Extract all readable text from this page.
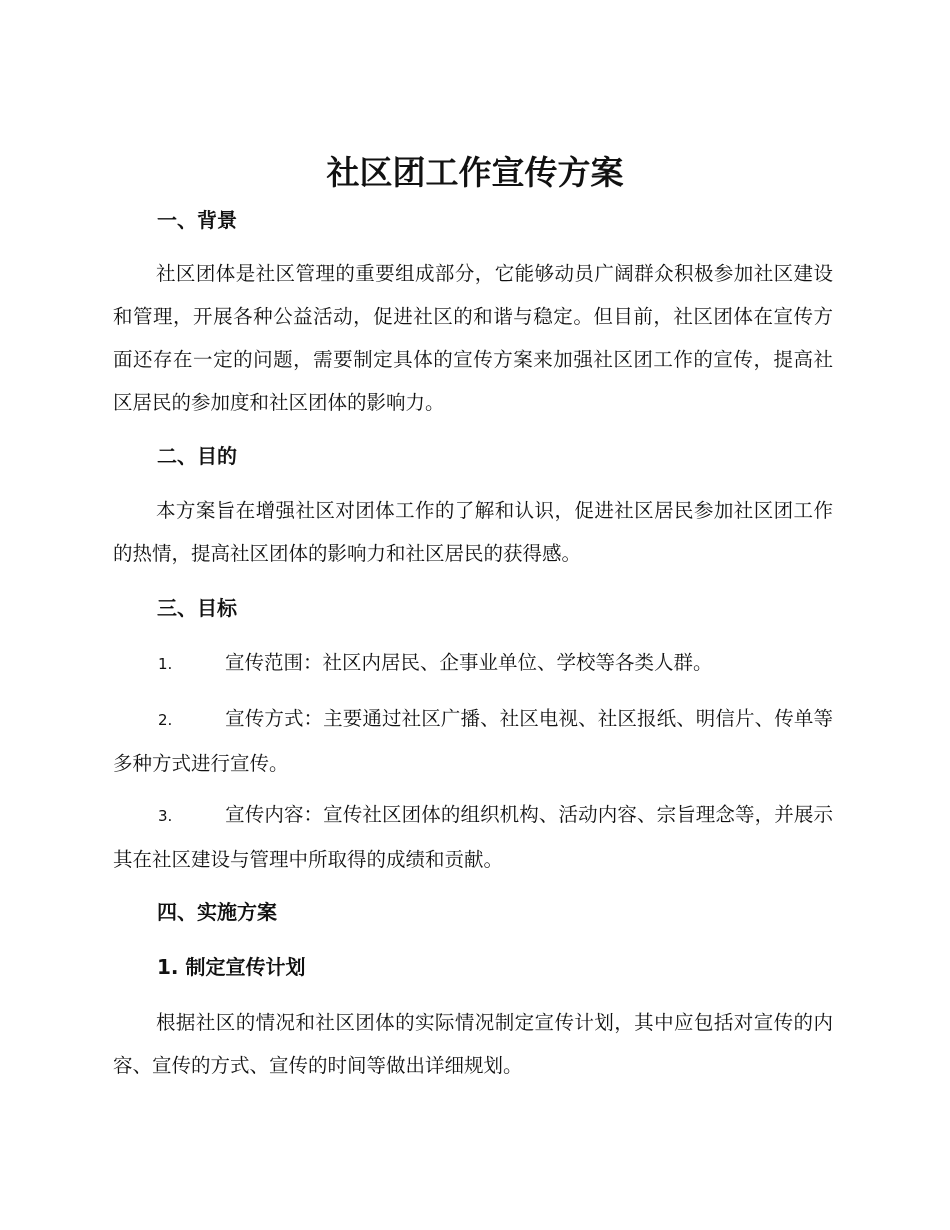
社区团工作宣传方案
一、背景

社区团体是社区管理的重要组成部分，它能够动员广阔群众积极参加社区建设和管理，开展各种公益活动，促进社区的和谐与稳定。但目前，社区团体在宣传方面还存在一定的问题，需要制定具体的宣传方案来加强社区团工作的宣传，提高社区居民的参加度和社区团体的影响力。

二、目的

本方案旨在增强社区对团体工作的了解和认识，促进社区居民参加社区团工作的热情，提高社区团体的影响力和社区居民的获得感。

三、目标

1.	宣传范围：社区内居民、企事业单位、学校等各类人群。

2.	宣传方式：主要通过社区广播、社区电视、社区报纸、明信片、传单等多种方式进行宣传。

3.	宣传内容：宣传社区团体的组织机构、活动内容、宗旨理念等，并展示其在社区建设与管理中所取得的成绩和贡献。

四、实施方案
1. 制定宣传计划

根据社区的情况和社区团体的实际情况制定宣传计划，其中应包括对宣传的内容、宣传的方式、宣传的时间等做出详细规划。
